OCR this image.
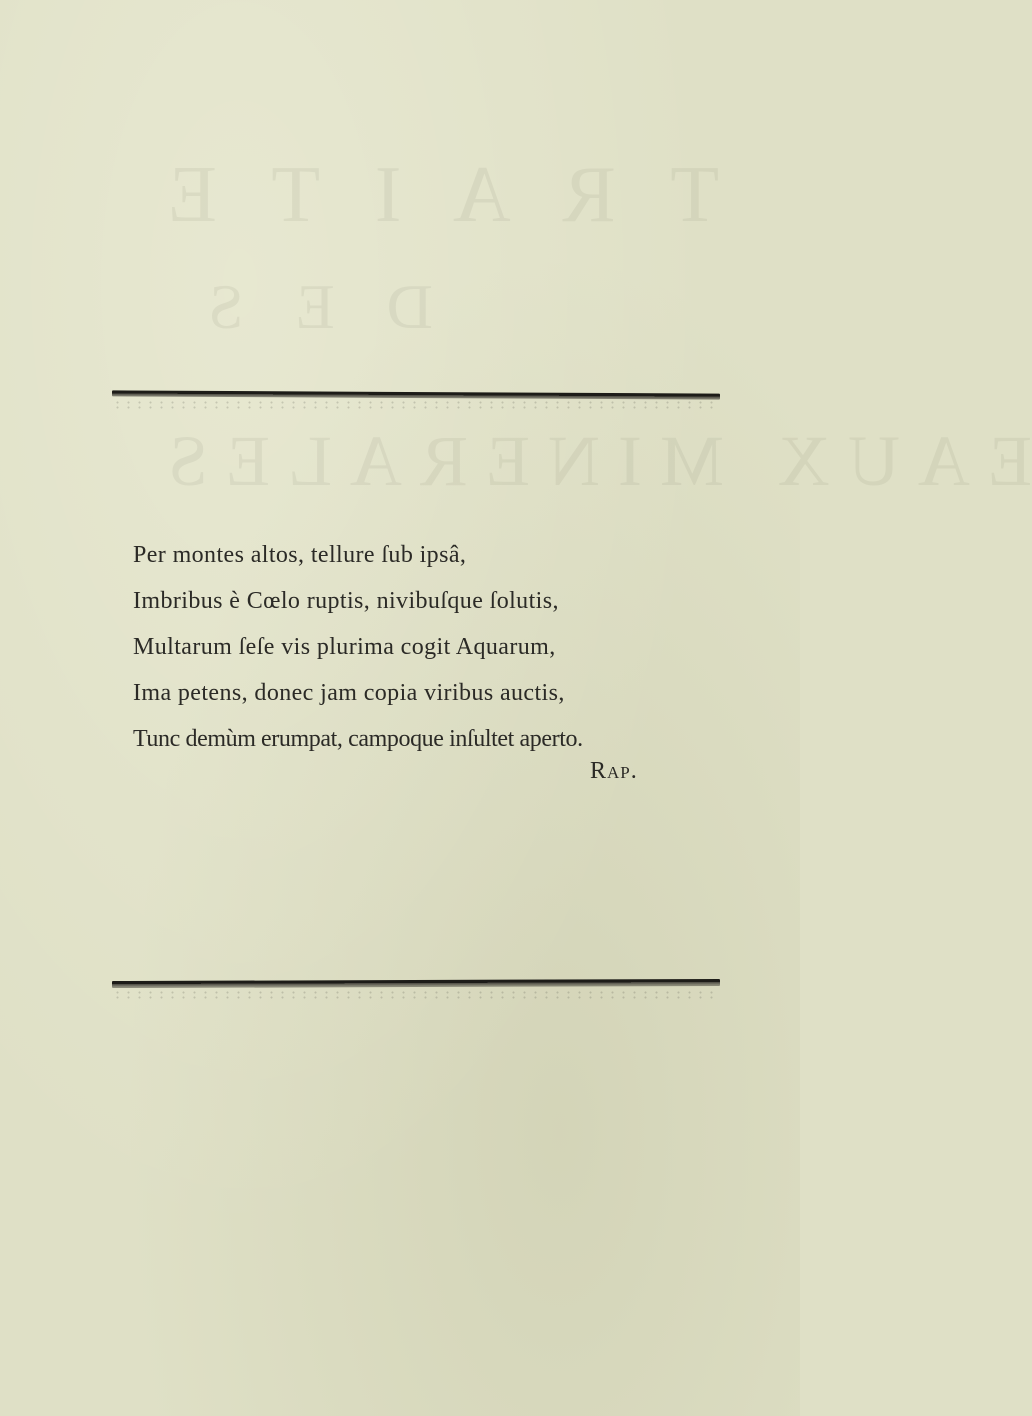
T R A I T E
D E S
EAUX MINERALES
Per montes altos, tellure ſub ipsâ,
Imbribus è Cœlo ruptis, nivibuſque ſolutis,
Multarum ſeſe vis plurima cogit Aquarum,
Ima petens, donec jam copia viribus auctis,
Tunc demùm erumpat, campoque inſultet aperto.
Rap.
